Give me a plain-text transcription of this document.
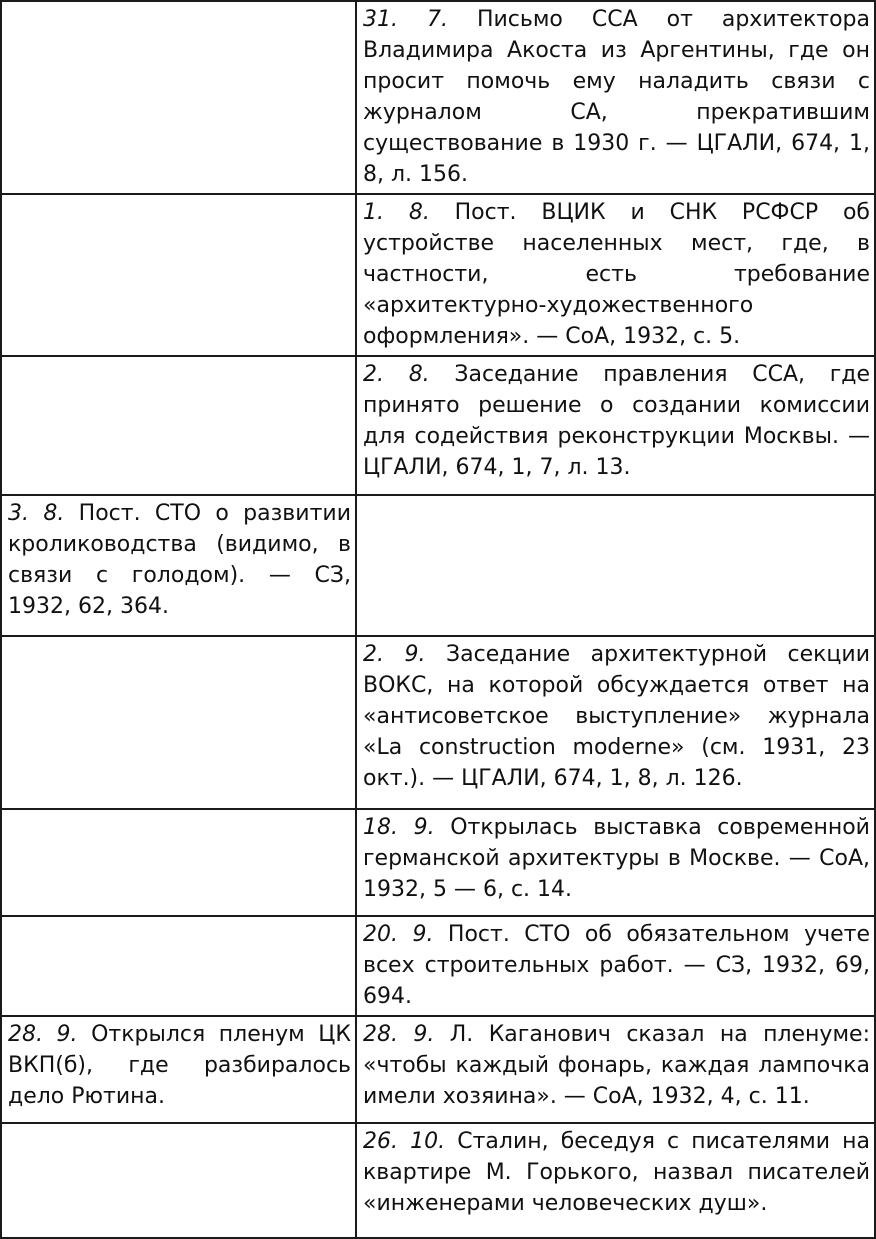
	31. 7. Письмо ССА от архитектора Владимира Акоста из Аргентины, где он просит помочь ему наладить связи с журналом СА, прекратившим существование в 1930 г. — ЦГАЛИ, 674, 1, 8, л. 156.
	1. 8. Пост. ВЦИК и СНК РСФСР об устройстве населенных мест, где, в частности, есть требование «архитектурно-художественного оформления». — СоА, 1932, с. 5.
	2. 8. Заседание правления ССА, где принято решение о создании комиссии для содействия реконструкции Москвы. — ЦГАЛИ, 674, 1, 7, л. 13.
3. 8. Пост. СТО о развитии кролиководства (видимо, в связи с голодом). — СЗ, 1932, 62, 364.	
	2. 9. Заседание архитектурной секции ВОКС, на которой обсуждается ответ на «антисоветское выступление» журнала «La construction moderne» (см. 1931, 23 окт.). — ЦГАЛИ, 674, 1, 8, л. 126.
	18. 9. Открылась выставка современной германской архитектуры в Москве. — СоА, 1932, 5 — 6, с. 14.
	20. 9. Пост. СТО об обязательном учете всех строительных работ. — СЗ, 1932, 69, 694.
28. 9. Открылся пленум ЦК ВКП(б), где разбиралось дело Рютина.	28. 9. Л. Каганович сказал на пленуме: «чтобы каждый фонарь, каждая лампочка имели хозяина». — СоА, 1932, 4, с. 11.
	26. 10. Сталин, беседуя с писателями на квартире М. Горького, назвал писателей «инженерами человеческих душ».
